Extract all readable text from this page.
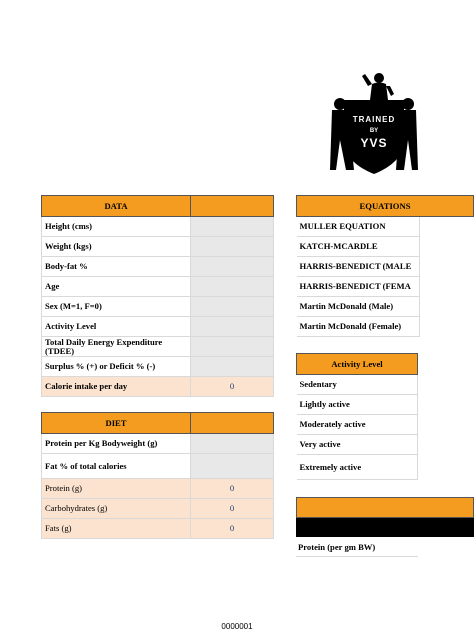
TRAINED
BY
YVS
DATA	
Height (cms)	
Weight (kgs)	
Body-fat %	
Age	
Sex (M=1, F=0)	
Activity Level	
Total Daily Energy Expenditure (TDEE)	
Surplus % (+) or Deficit % (-)	
Calorie intake per day	0
DIET	
Protein per Kg Bodyweight (g)	
Fat % of total calories	
Protein (g)	0
Carbohydrates (g)	0
Fats (g)	0
EQUATIONS	
MULLER EQUATION	
KATCH-MCARDLE	
HARRIS-BENEDICT (MALE	
HARRIS-BENEDICT (FEMA	
Martin McDonald (Male)	
Martin McDonald (Female)	
Activity Level
Sedentary
Lightly active
Moderately active
Very active
Extremely active
Protein (per gm BW)
0000001
